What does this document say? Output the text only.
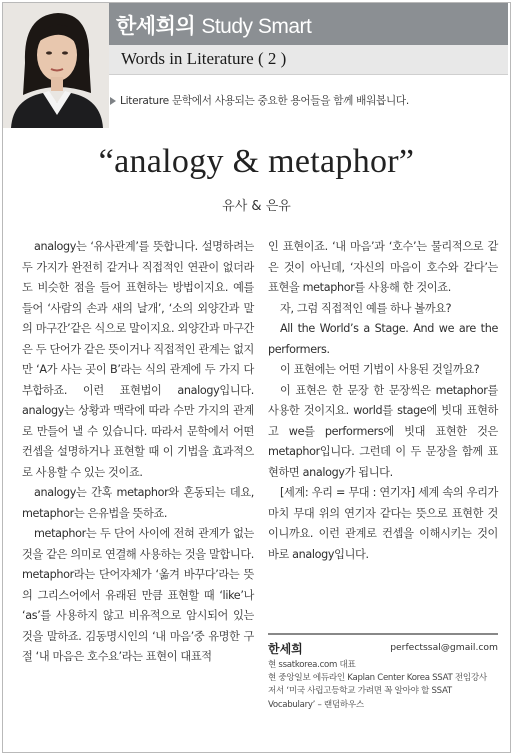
한세희의 Study Smart
Words in Literature ( 2 )
Literature 문학에서 사용되는 중요한 용어들을 함께 배워봅니다.
“analogy & metaphor”
유사 & 은유

analogy는 ‘유사관계’를 뜻합니다. 설명하려는 두 가지가 완전히 같거나 직접적인 연관이 없더라도 비슷한 점을 들어 표현하는 방법이지요. 예를 들어 ‘사람의 손과 새의 날개’, ‘소의 외양간과 말의 마구간’같은 식으로 말이지요. 외양간과 마구간은 두 단어가 같은 뜻이거나 직접적인 관계는 없지만 ‘A가 사는 곳이 B’라는 식의 관계에 두 가지 다 부합하죠. 이런 표현법이 analogy입니다. analogy는 상황과 맥락에 따라 수만 가지의 관계로 만들어 낼 수 있습니다. 따라서 문학에서 어떤 컨셉을 설명하거나 표현할 때 이 기법을 효과적으로 사용할 수 있는 것이죠.

analogy는 간혹 metaphor와 혼동되는 데요, metaphor는 은유법을 뜻하죠.

metaphor는 두 단어 사이에 전혀 관계가 없는 것을 같은 의미로 연결해 사용하는 것을 말합니다. metaphor라는 단어자체가 ‘옮겨 바꾸다’라는 뜻의 그리스어에서 유래된 만큼 표현할 때 ‘like’나 ‘as’를 사용하지 않고 비유적으로 암시되어 있는 것을 말하죠. 김동명시인의 ‘내 마음’중 유명한 구절 ‘내 마음은 호수요’라는 표현이 대표적

인 표현이죠. ‘내 마음’과 ‘호수’는 물리적으로 같은 것이 아닌데, ‘자신의 마음이 호수와 같다’는 표현을 metaphor를 사용해 한 것이죠.

자, 그럼 직접적인 예를 하나 볼까요?

All the World’s a Stage. And we are the performers.

이 표현에는 어떤 기법이 사용된 것일까요?

이 표현은 한 문장 한 문장씩은 metaphor를 사용한 것이지요. world를 stage에 빗대 표현하고 we를 performers에 빗대 표현한 것은 metaphor입니다. 그런데 이 두 문장을 함께 표현하면 analogy가 됩니다.

[세계: 우리 = 무대 : 연기자] 세계 속의 우리가 마치 무대 위의 연기자 같다는 뜻으로 표현한 것이니까요. 이런 관계로 컨셉을 이해시키는 것이 바로 analogy입니다.

한세희	perfectssal@gmail.com
현 ssatkorea.com 대표
현 중앙일보 에듀라인 Kaplan Center Korea SSAT 전임강사
저서 ‘미국 사립고등학교 가려면 꼭 알아야 할 SSAT Vocabulary’ – 랜덤하우스
